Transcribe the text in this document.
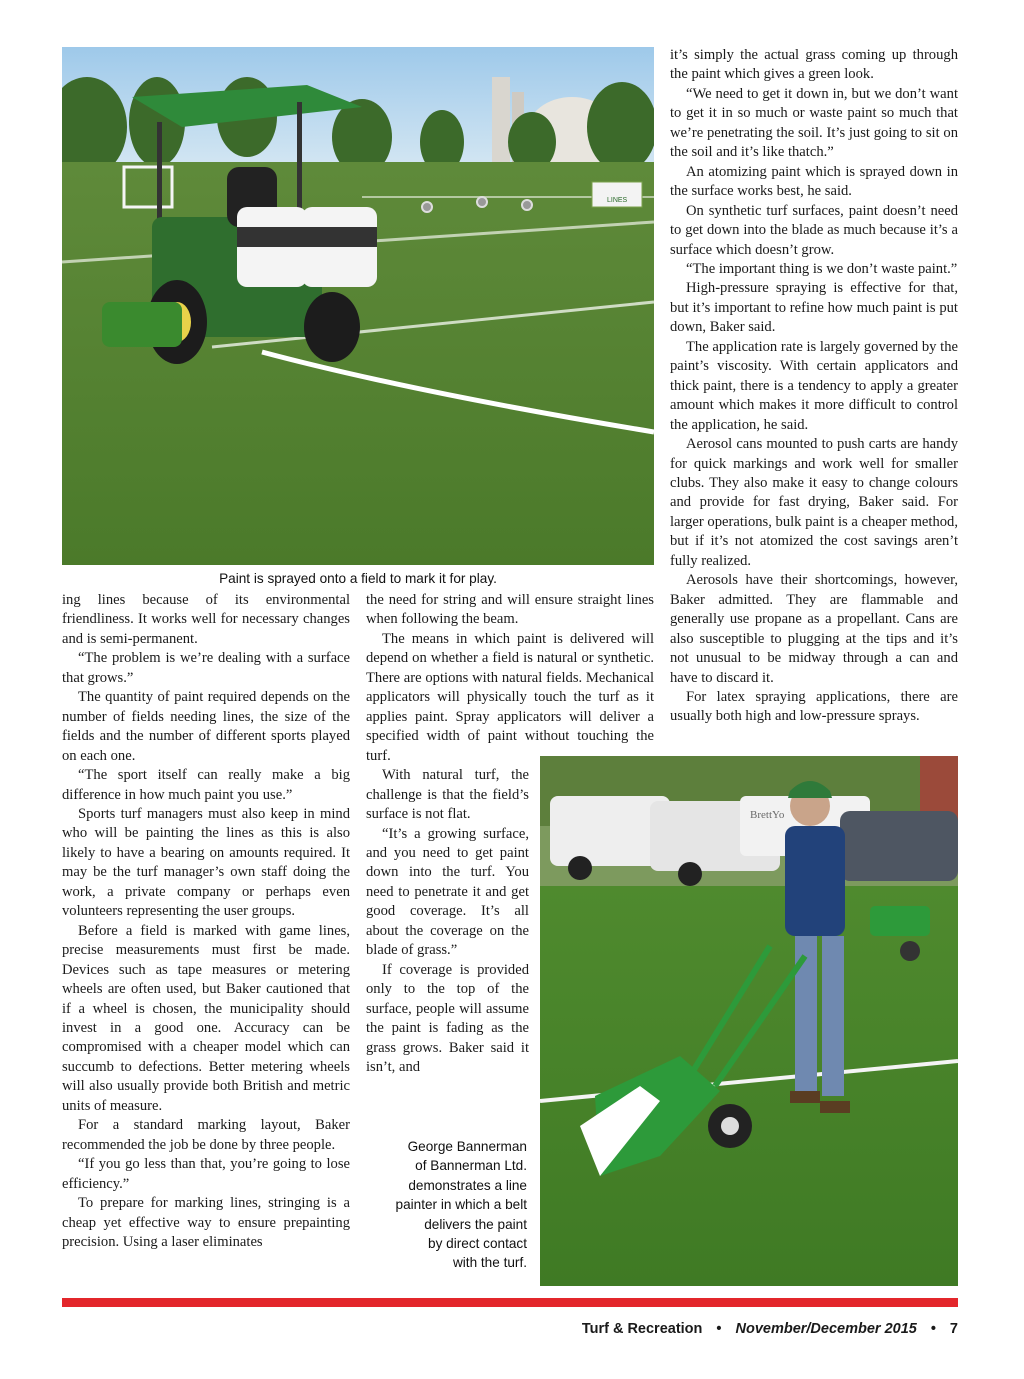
LINES
Paint is sprayed onto a field to mark it for play.

ing lines because of its environmental friendliness. It works well for necessary changes and is semi-permanent.

“The problem is we’re dealing with a surface that grows.”

The quantity of paint required depends on the number of fields needing lines, the size of the fields and the number of different sports played on each one.

“The sport itself can really make a big difference in how much paint you use.”

Sports turf managers must also keep in mind who will be painting the lines as this is also likely to have a bearing on amounts required. It may be the turf manager’s own staff doing the work, a private company or perhaps even volunteers representing the user groups.

Before a field is marked with game lines, precise measurements must first be made. Devices such as tape measures or metering wheels are often used, but Baker cautioned that if a wheel is chosen, the municipality should invest in a good one. Accuracy can be compromised with a cheaper model which can succumb to defections. Better metering wheels will also usually provide both British and metric units of measure.

For a standard marking layout, Baker recommended the job be done by three people.

“If you go less than that, you’re going to lose efficiency.”

To prepare for marking lines, stringing is a cheap yet effective way to ensure prepainting precision. Using a laser eliminates

the need for string and will ensure straight lines when following the beam.

The means in which paint is delivered will depend on whether a field is natural or synthetic. There are options with natural fields. Mechanical applicators will physically touch the turf as it applies paint. Spray applicators will deliver a specified width of paint without touching the turf.

With natural turf, the challenge is that the field’s surface is not flat.

“It’s a growing surface, and you need to get paint down into the turf. You need to penetrate it and get good coverage. It’s all about the coverage on the blade of grass.”

If coverage is provided only to the top of the surface, people will assume the paint is fading as the grass grows. Baker said it isn’t, and

it’s simply the actual grass coming up through the paint which gives a green look.

“We need to get it down in, but we don’t want to get it in so much or waste paint so much that we’re penetrating the soil. It’s just going to sit on the soil and it’s like thatch.”

An atomizing paint which is sprayed down in the surface works best, he said.

On synthetic turf surfaces, paint doesn’t need to get down into the blade as much because it’s a surface which doesn’t grow.

“The important thing is we don’t waste paint.”

High-pressure spraying is effective for that, but it’s important to refine how much paint is put down, Baker said.

The application rate is largely governed by the paint’s viscosity. With certain applicators and thick paint, there is a tendency to apply a greater amount which makes it more difficult to control the application, he said.

Aerosol cans mounted to push carts are handy for quick markings and work well for smaller clubs. They also make it easy to change colours and provide for fast drying, Baker said. For larger operations, bulk paint is a cheaper method, but if it’s not atomized the cost savings aren’t fully realized.

Aerosols have their shortcomings, however, Baker admitted. They are flammable and generally use propane as a propellant. Cans are also susceptible to plugging at the tips and it’s not unusual to be midway through a can and have to discard it.

For latex spraying applications, there are usually both high and low-pressure sprays.

BrettYo
George Bannerman
of Bannerman Ltd.
demonstrates a line
painter in which a belt
delivers the paint
by direct contact
with the turf.
Turf & Recreation • November/December 2015 • 7
